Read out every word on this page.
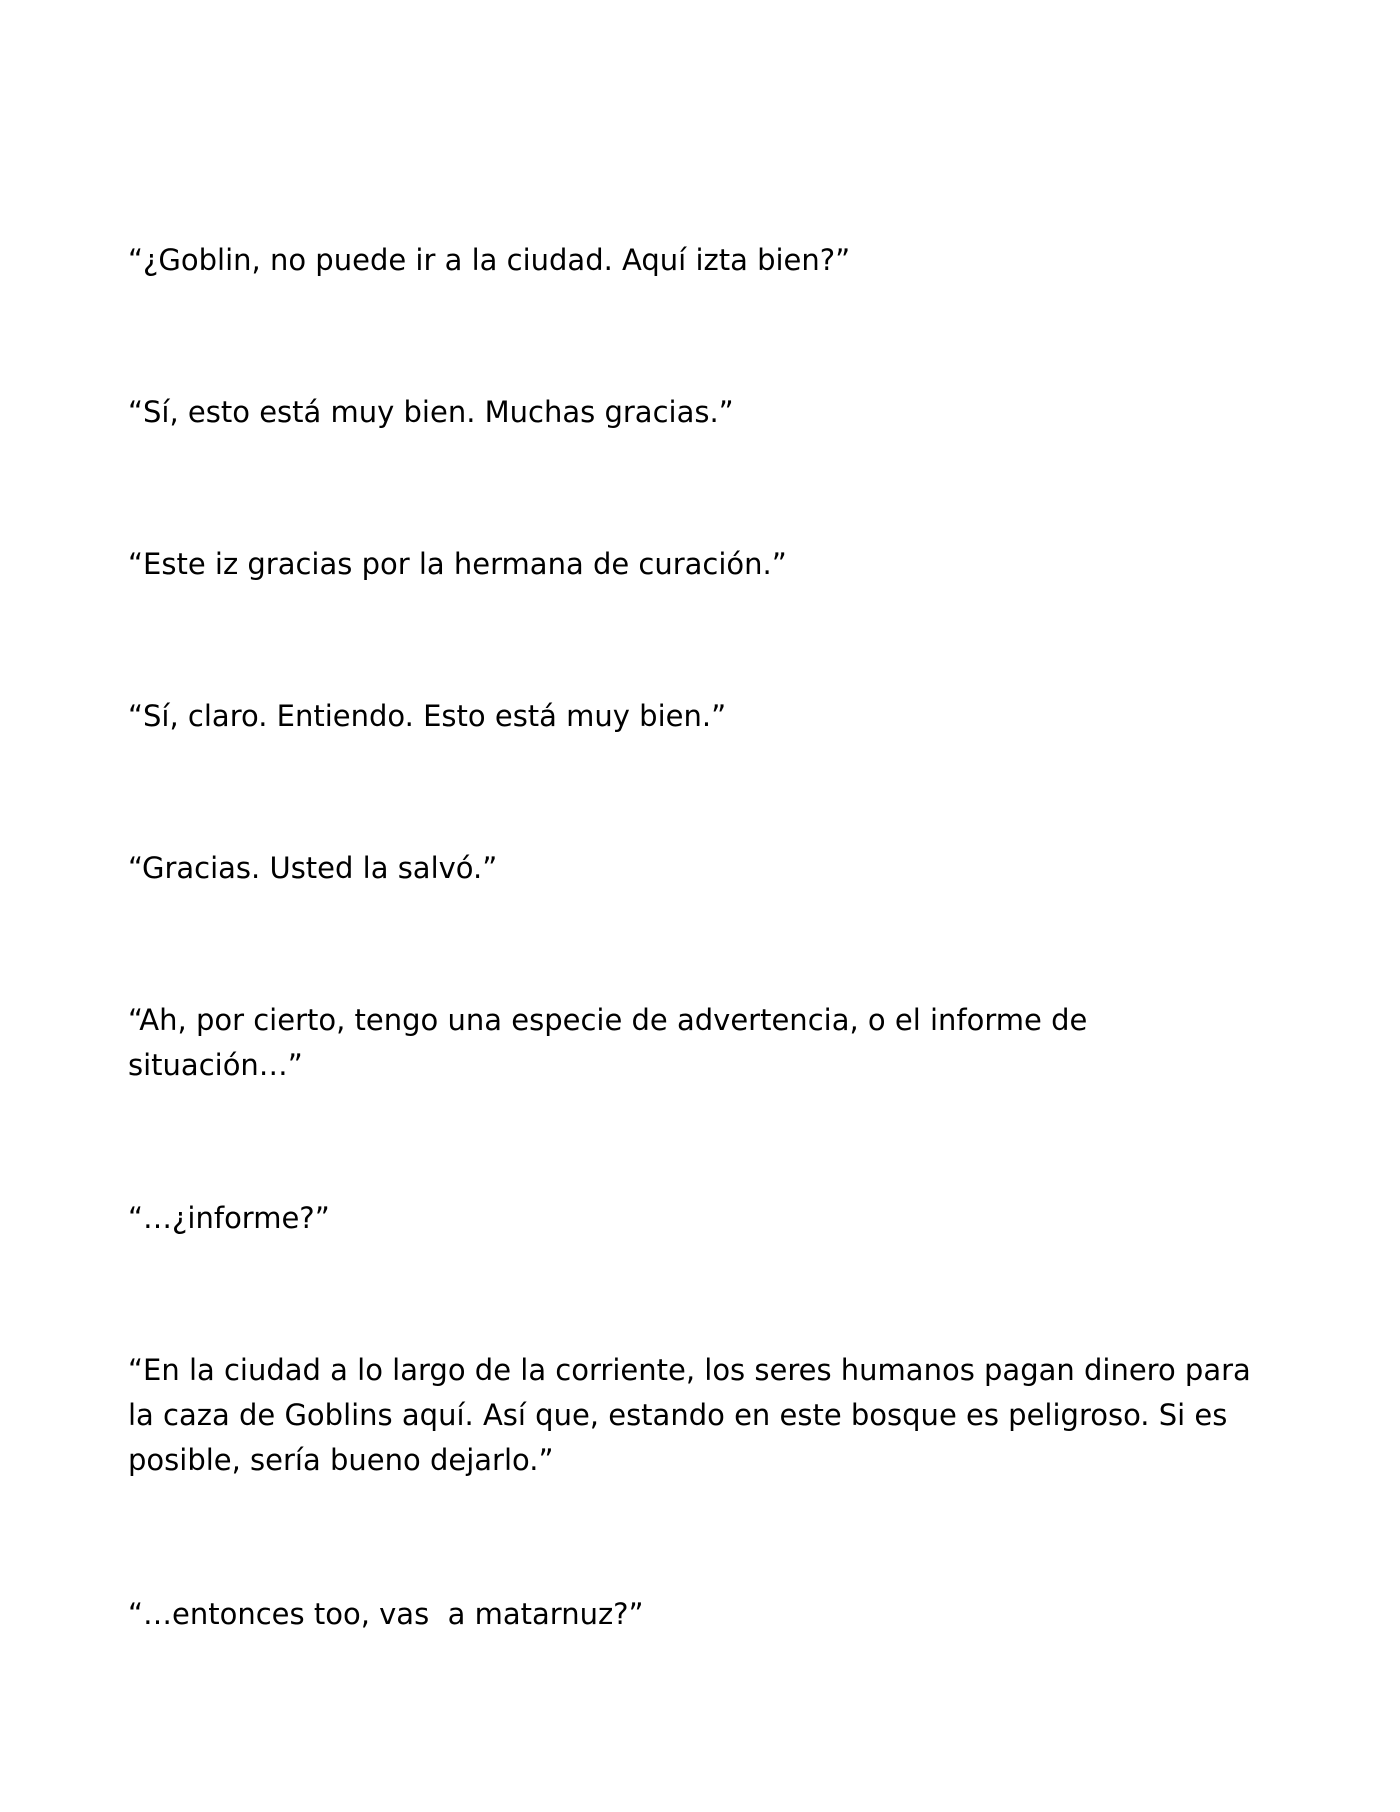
“¿Goblin, no puede ir a la ciudad. Aquí izta bien?”

“Sí, esto está muy bien. Muchas gracias.”

“Este iz gracias por la hermana de curación.”

“Sí, claro. Entiendo. Esto está muy bien.”

“Gracias. Usted la salvó.”

“Ah, por cierto, tengo una especie de advertencia, o el informe de situación…”

“…¿informe?”

“En la ciudad a lo largo de la corriente, los seres humanos pagan dinero para la caza de Goblins aquí. Así que, estando en este bosque es peligroso. Si es posible, sería bueno dejarlo.”

“…entonces too, vas  a matarnuz?”
